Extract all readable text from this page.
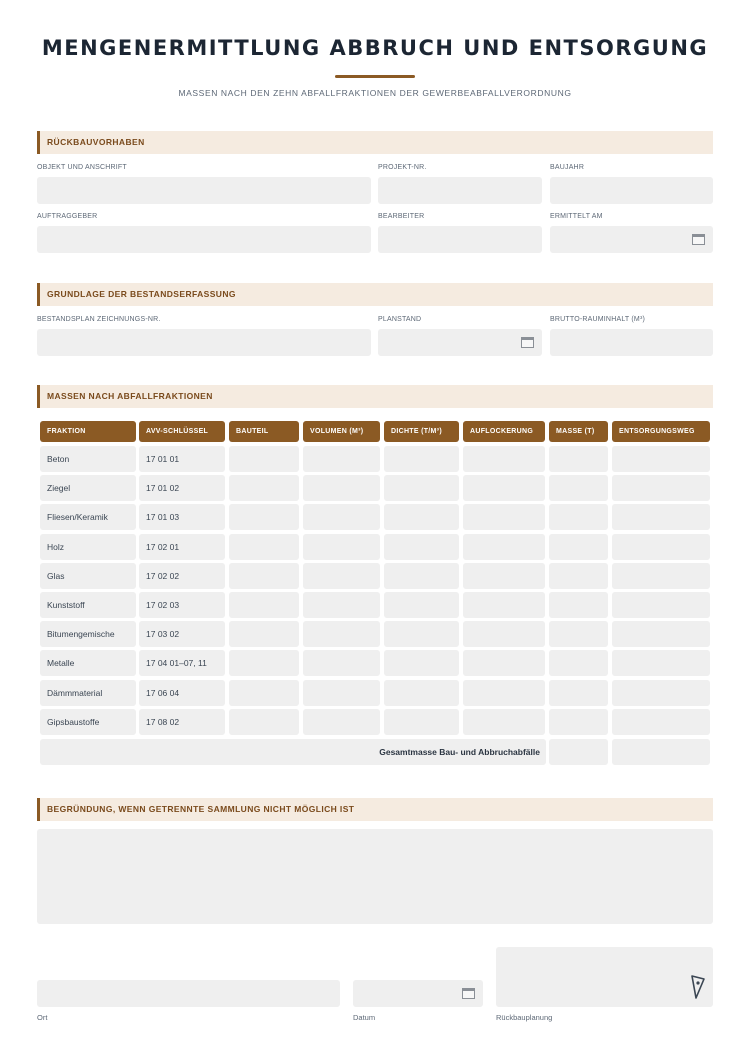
MENGENERMITTLUNG ABBRUCH UND ENTSORGUNG
MASSEN NACH DEN ZEHN ABFALLFRAKTIONEN DER GEWERBEABFALLVERORDNUNG
RÜCKBAUVORHABEN
OBJEKT UND ANSCHRIFT	PROJEKT-NR.	BAUJAHR
AUFTRAGGEBER	BEARBEITER	ERMITTELT AM
GRUNDLAGE DER BESTANDSERFASSUNG
BESTANDSPLAN ZEICHNUNGS-NR.	PLANSTAND	BRUTTO-RAUMINHALT (M³)
MASSEN NACH ABFALLFRAKTIONEN
FRAKTION	AVV-SCHLÜSSEL	BAUTEIL	VOLUMEN (M³)	DICHTE (T/M³)	AUFLOCKERUNG	MASSE (T)	ENTSORGUNGSWEG
Beton	17 01 01
Ziegel	17 01 02
Fliesen/Keramik	17 01 03
Holz	17 02 01
Glas	17 02 02
Kunststoff	17 02 03
Bitumengemische	17 03 02
Metalle	17 04 01–07, 11
Dämmmaterial	17 06 04
Gipsbaustoffe	17 08 02
Gesamtmasse Bau- und Abbruchabfälle
BEGRÜNDUNG, WENN GETRENNTE SAMMLUNG NICHT MÖGLICH IST
Ort	Datum	Rückbauplanung
